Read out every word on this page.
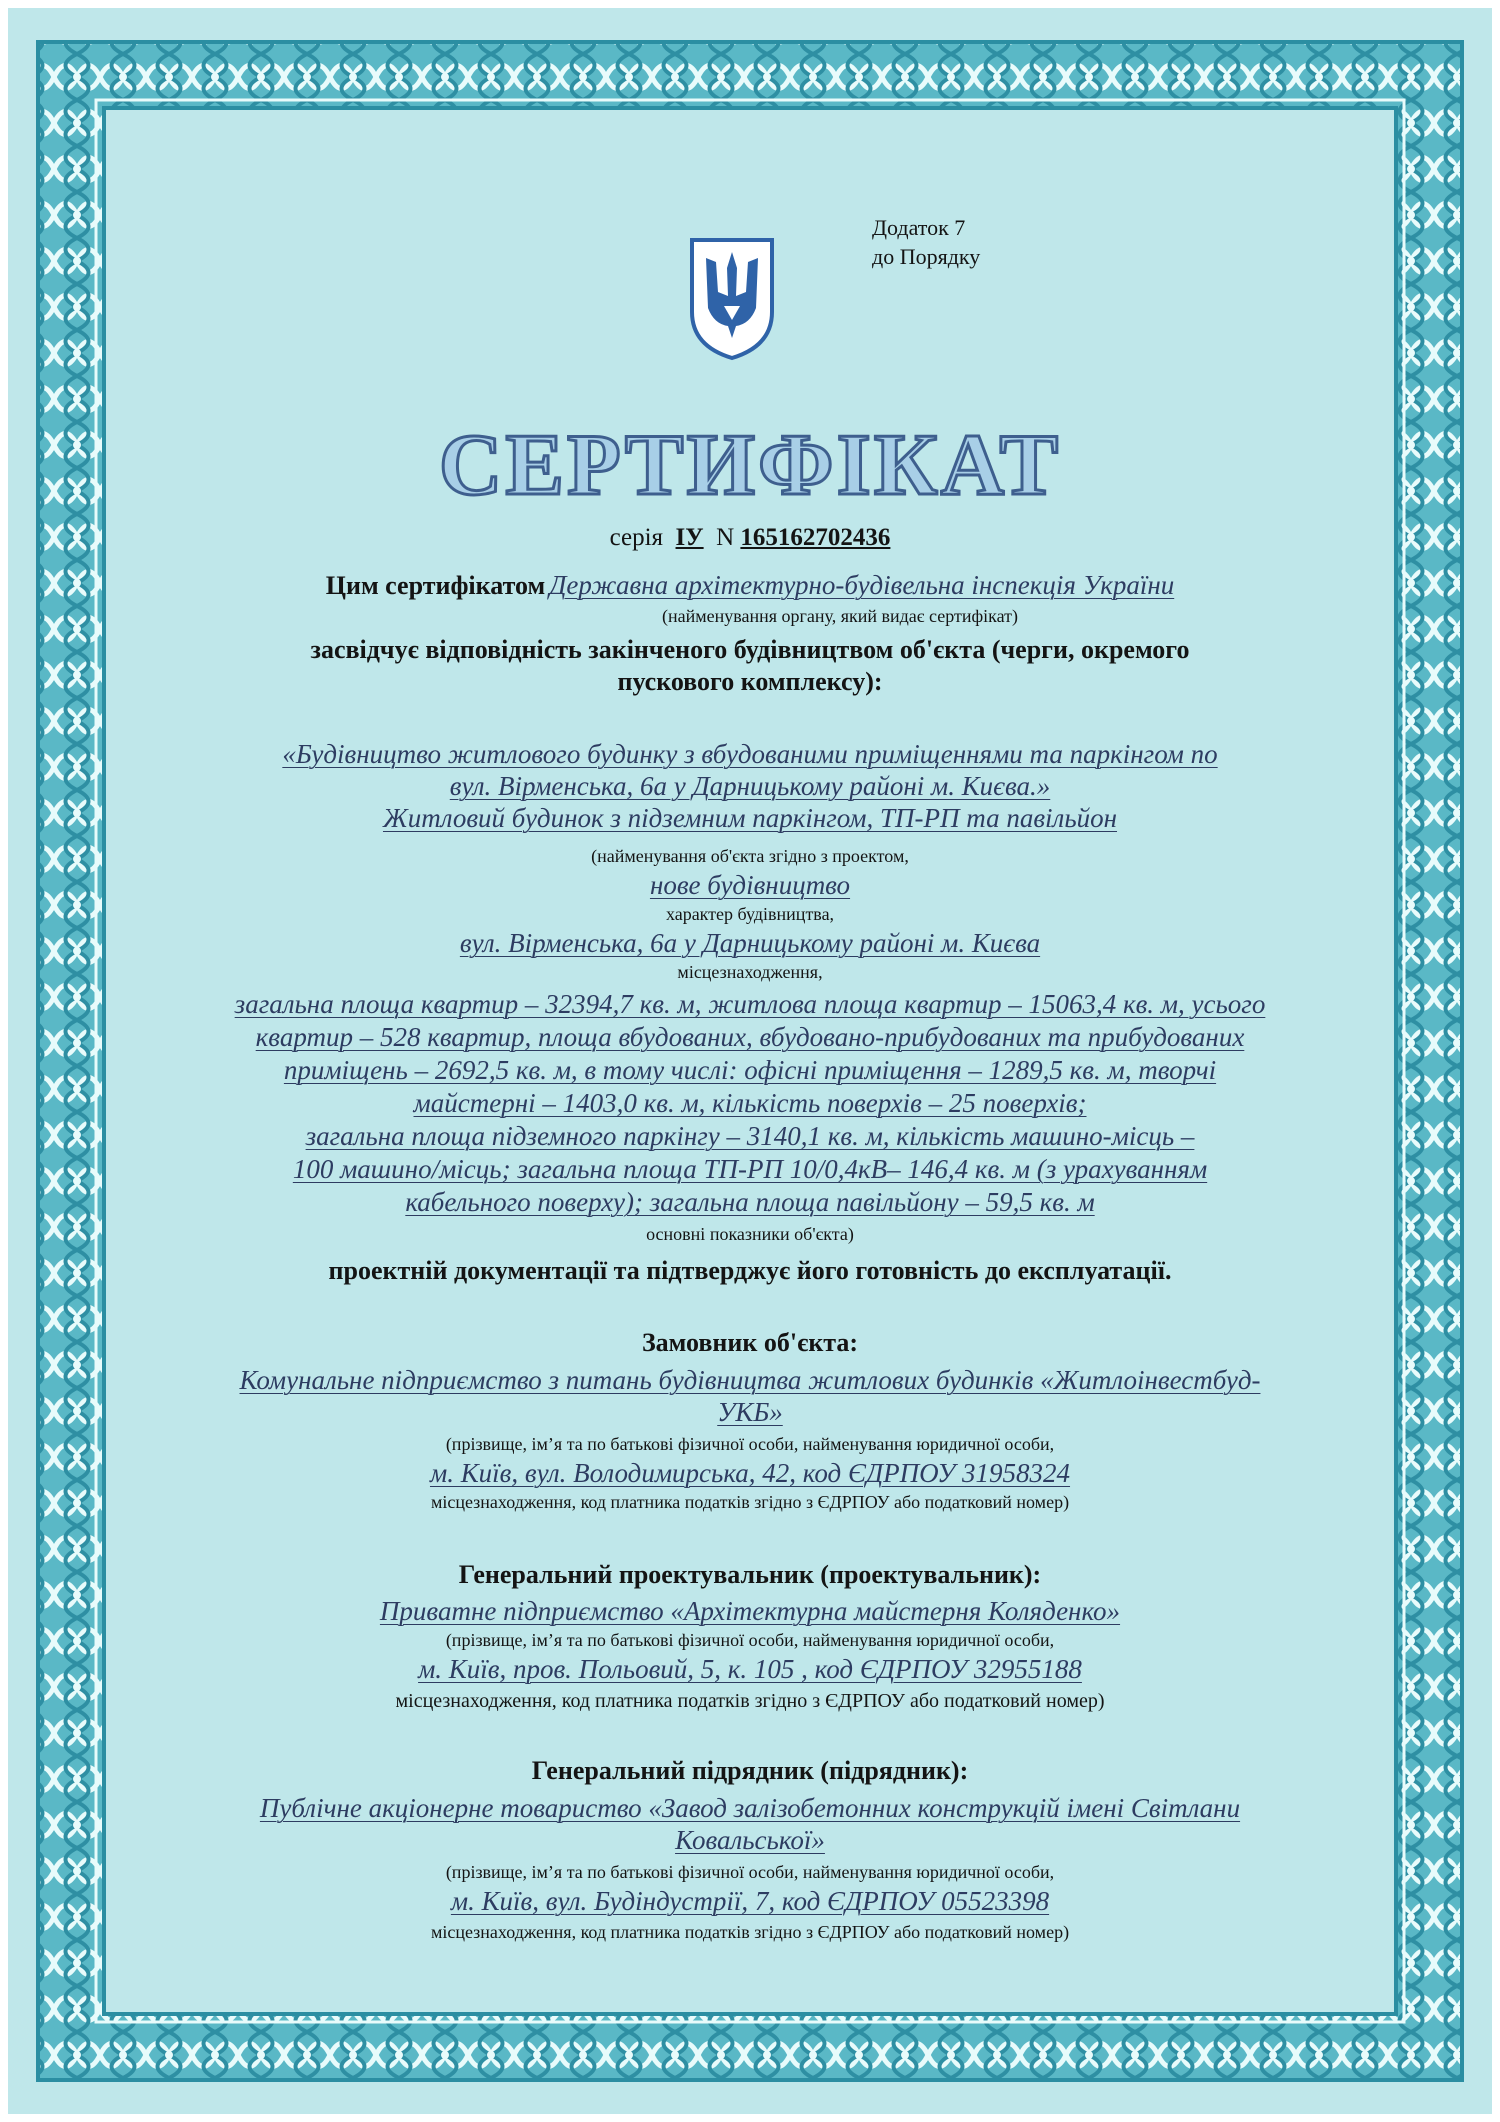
Додаток 7
до Порядку
СЕРТИФІКАТ
серія ІУ N 165162702436
Цим сертифікатом Державна архітектурно-будівельна інспекція України
(найменування органу, який видає сертифікат)
засвідчує відповідність закінченого будівництвом об'єкта (черги, окремого
пускового комплексу):
«Будівництво житлового будинку з вбудованими приміщеннями та паркінгом по
вул. Вірменська, 6а у Дарницькому районі м. Києва.»
Житловий будинок з підземним паркінгом, ТП-РП та павільйон
(найменування об'єкта згідно з проектом,
нове будівництво
характер будівництва,
вул. Вірменська, 6а у Дарницькому районі м. Києва
місцезнаходження,
загальна площа квартир – 32394,7 кв. м, житлова площа квартир – 15063,4 кв. м, усього
квартир – 528 квартир, площа вбудованих, вбудовано-прибудованих та прибудованих
приміщень – 2692,5 кв. м, в тому числі: офісні приміщення – 1289,5 кв. м, творчі
майстерні – 1403,0 кв. м, кількість поверхів – 25 поверхів;
загальна площа підземного паркінгу – 3140,1 кв. м, кількість машино-місць –
100 машино/місць; загальна площа ТП-РП 10/0,4кВ– 146,4 кв. м (з урахуванням
кабельного поверху); загальна площа павільйону – 59,5 кв. м
основні показники об'єкта)
проектній документації та підтверджує його готовність до експлуатації.
Замовник об'єкта:
Комунальне підприємство з питань будівництва житлових будинків «Житлоінвестбуд-
УКБ»
(прізвище, ім’я та по батькові фізичної особи, найменування юридичної особи,
м. Київ, вул. Володимирська, 42, код ЄДРПОУ 31958324
місцезнаходження, код платника податків згідно з ЄДРПОУ або податковий номер)
Генеральний проектувальник (проектувальник):
Приватне підприємство «Архітектурна майстерня Коляденко»
(прізвище, ім’я та по батькові фізичної особи, найменування юридичної особи,
м. Київ, пров. Польовий, 5, к. 105 , код ЄДРПОУ 32955188
місцезнаходження, код платника податків згідно з ЄДРПОУ або податковий номер)
Генеральний підрядник (підрядник):
Публічне акціонерне товариство «Завод залізобетонних конструкцій імені Світлани
Ковальської»
(прізвище, ім’я та по батькові фізичної особи, найменування юридичної особи,
м. Київ, вул. Будіндустрії, 7, код ЄДРПОУ 05523398
місцезнаходження, код платника податків згідно з ЄДРПОУ або податковий номер)
